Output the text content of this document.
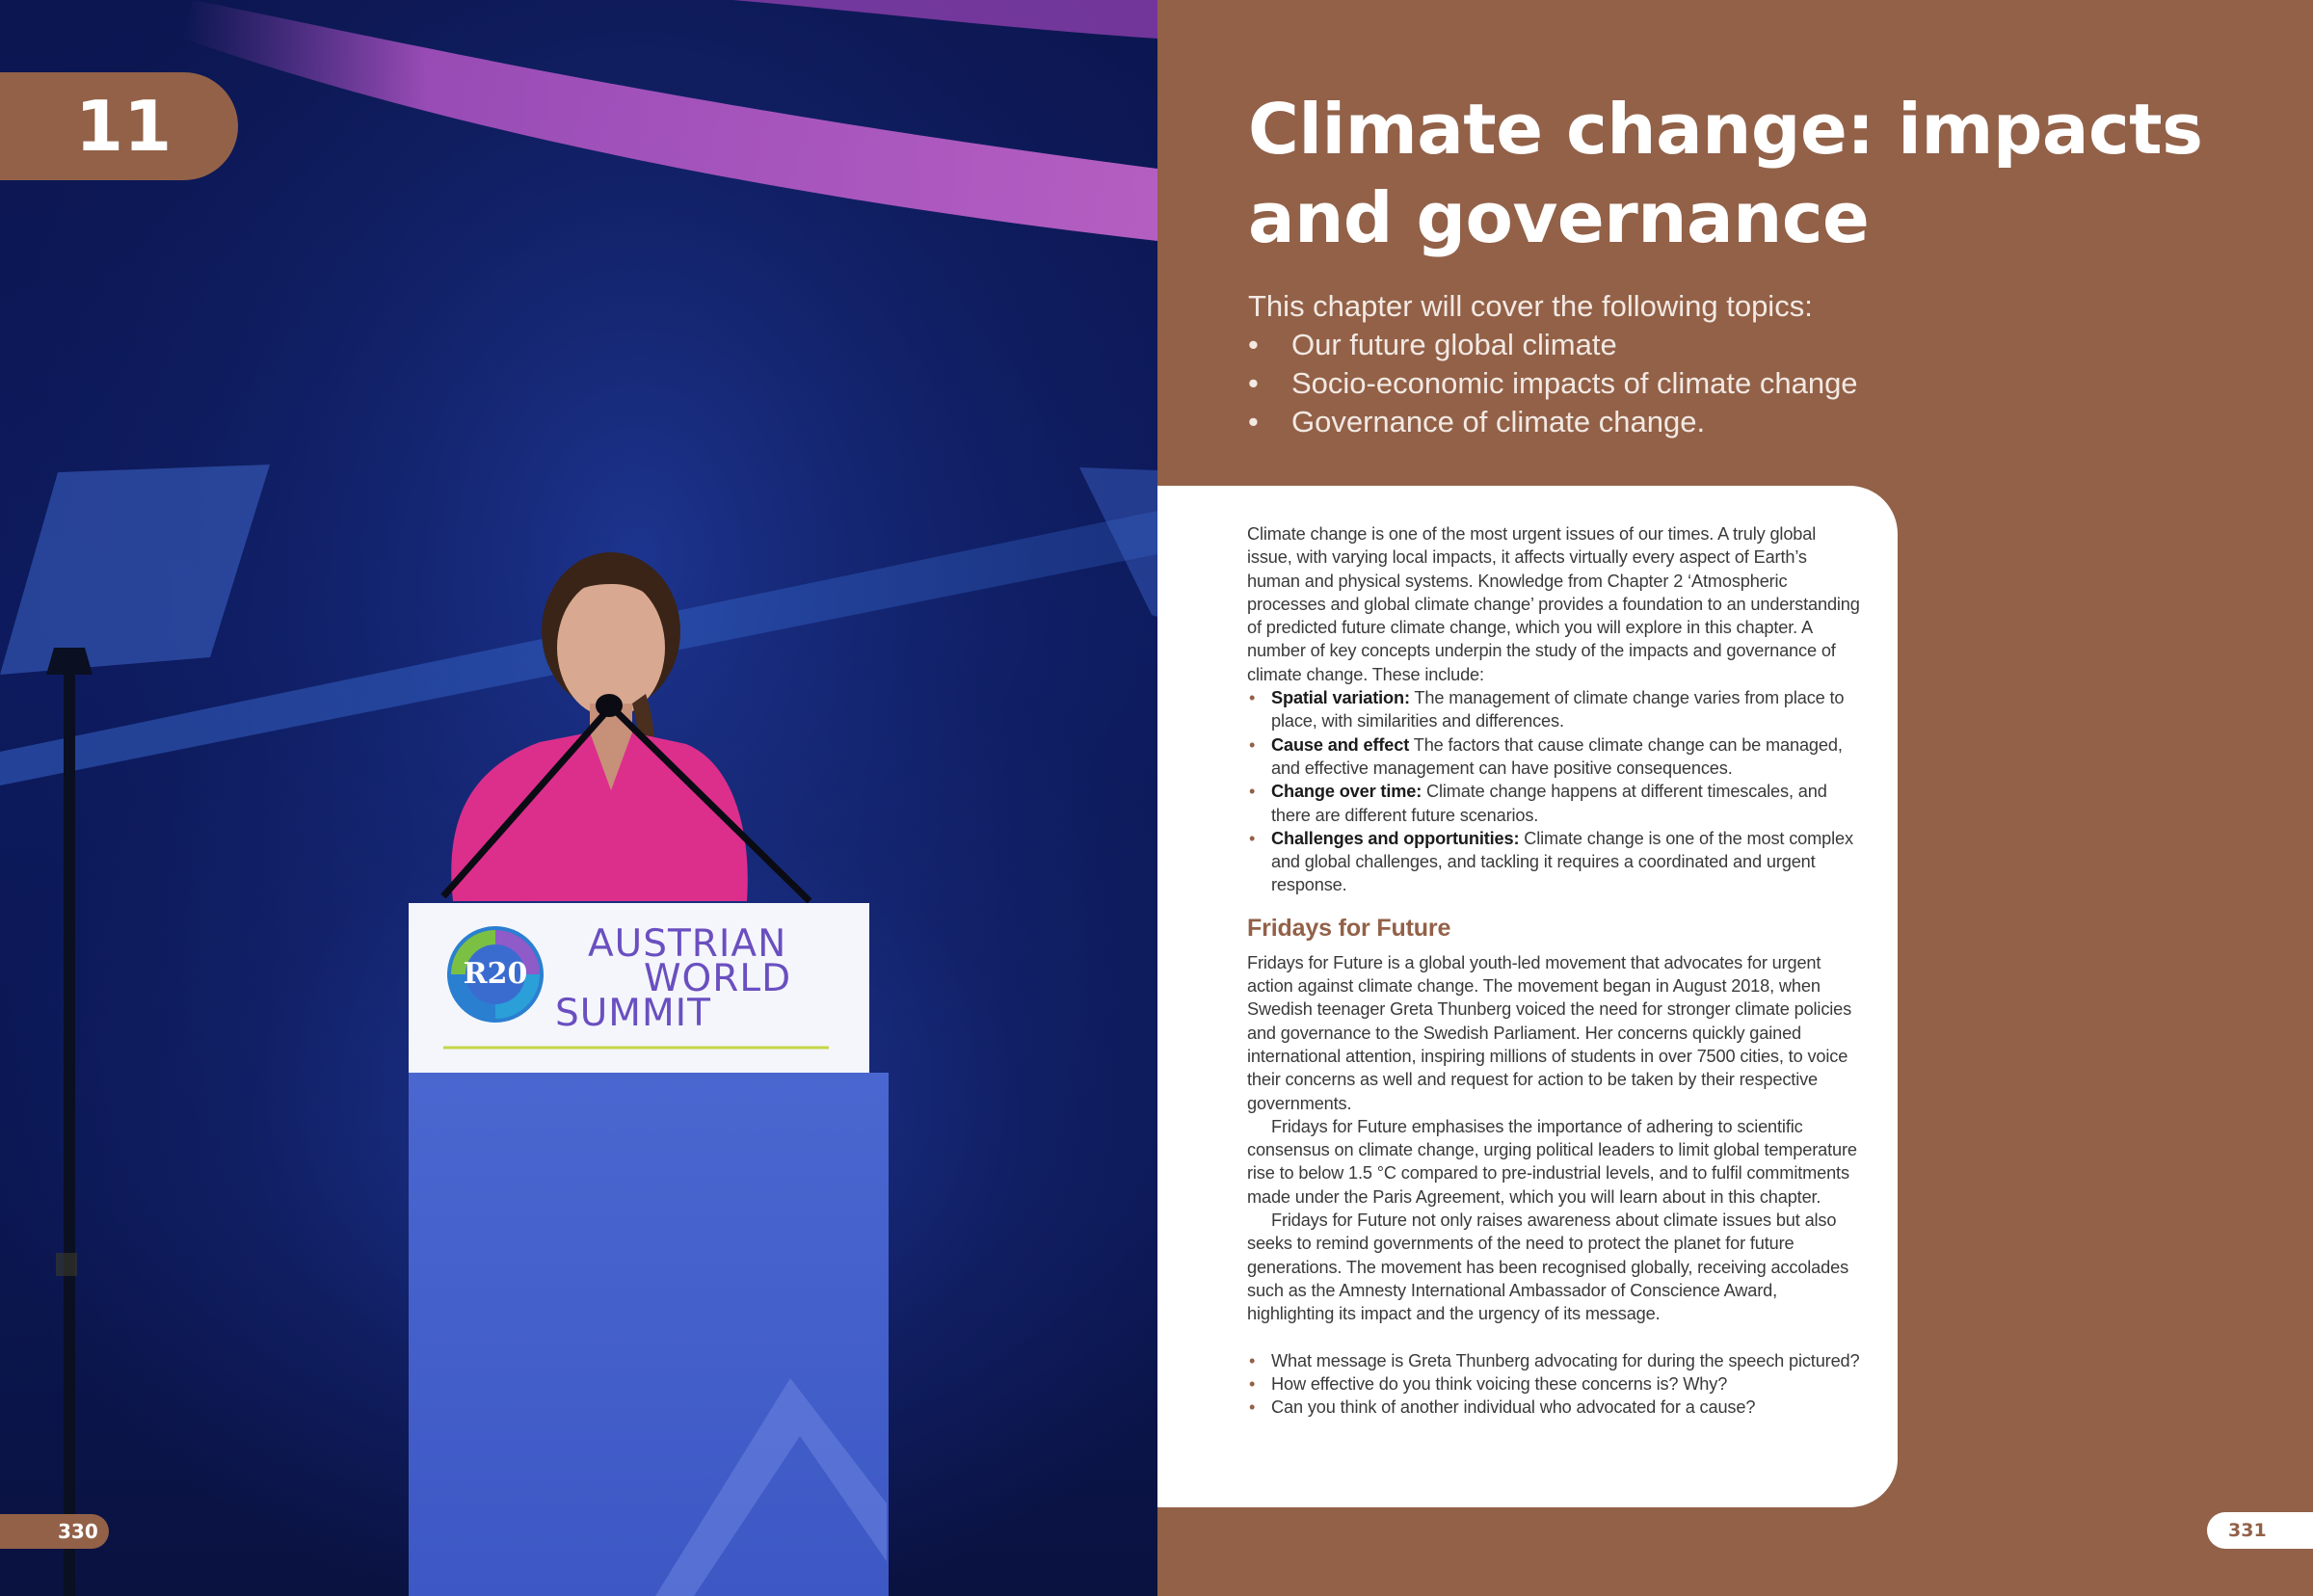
R20
AUSTRIAN
WORLD
SUMMIT
11
330
Climate change: impacts and governance

This chapter will cover the following topics:

• Our future global climate
• Socio-economic impacts of climate change
• Governance of climate change.

Climate change is one of the most urgent issues of our times. A truly global issue, with varying local impacts, it affects virtually every aspect of Earth’s human and physical systems. Knowledge from Chapter 2 ‘Atmospheric processes and global climate change’ provides a foundation to an understanding of predicted future climate change, which you will explore in this chapter. A number of key concepts underpin the study of the impacts and governance of climate change. These include:

• Spatial variation: The management of climate change varies from place to place, with similarities and differences.
• Cause and effect The factors that cause climate change can be managed, and effective management can have positive consequences.
• Change over time: Climate change happens at different timescales, and there are different future scenarios.
• Challenges and opportunities: Climate change is one of the most complex and global challenges, and tackling it requires a coordinated and urgent response.
Fridays for Future

Fridays for Future is a global youth-led movement that advocates for urgent action against climate change. The movement began in August 2018, when Swedish teenager Greta Thunberg voiced the need for stronger climate policies and governance to the Swedish Parliament. Her concerns quickly gained international attention, inspiring millions of students in over 7500 cities, to voice their concerns as well and request for action to be taken by their respective governments.

Fridays for Future emphasises the importance of adhering to scientific consensus on climate change, urging political leaders to limit global temperature rise to below 1.5 °C compared to pre-industrial levels, and to fulfil commitments made under the Paris Agreement, which you will learn about in this chapter.

Fridays for Future not only raises awareness about climate issues but also seeks to remind governments of the need to protect the planet for future generations. The movement has been recognised globally, receiving accolades such as the Amnesty International Ambassador of Conscience Award, highlighting its impact and the urgency of its message.

• What message is Greta Thunberg advocating for during the speech pictured?
• How effective do you think voicing these concerns is? Why?
• Can you think of another individual who advocated for a cause?
331
